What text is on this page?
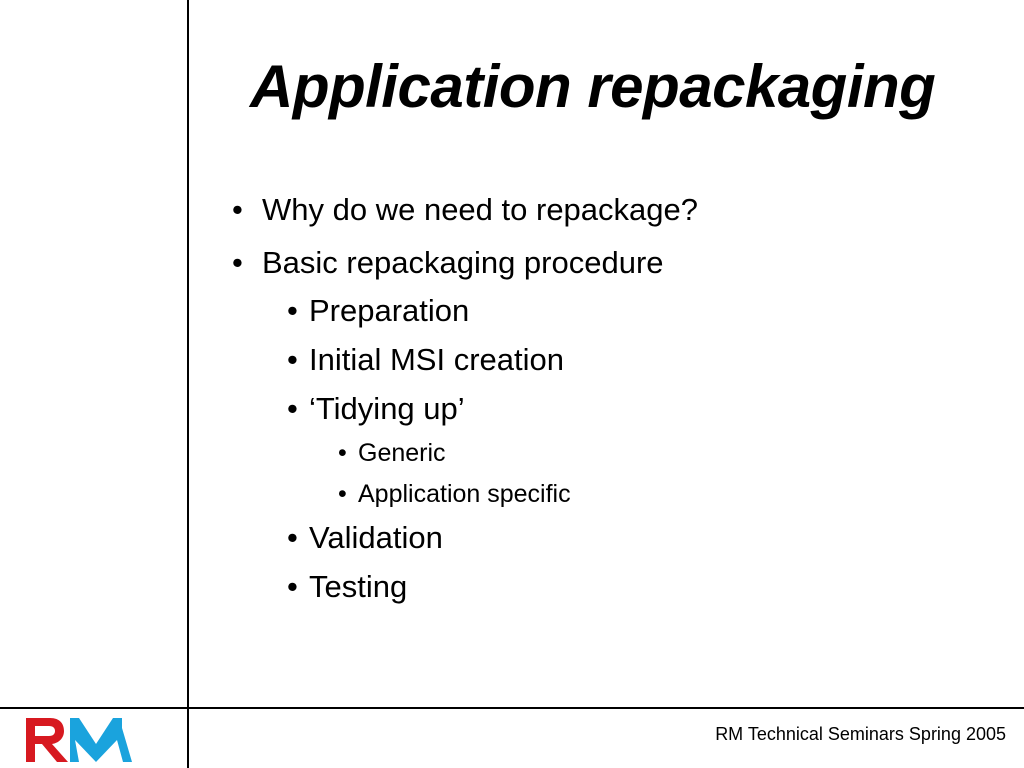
Application repackaging
• Why do we need to repackage?
• Basic repackaging procedure
• Preparation
• Initial MSI creation
• ‘Tidying up’
• Generic
• Application specific
• Validation
• Testing
RM Technical Seminars Spring 2005
